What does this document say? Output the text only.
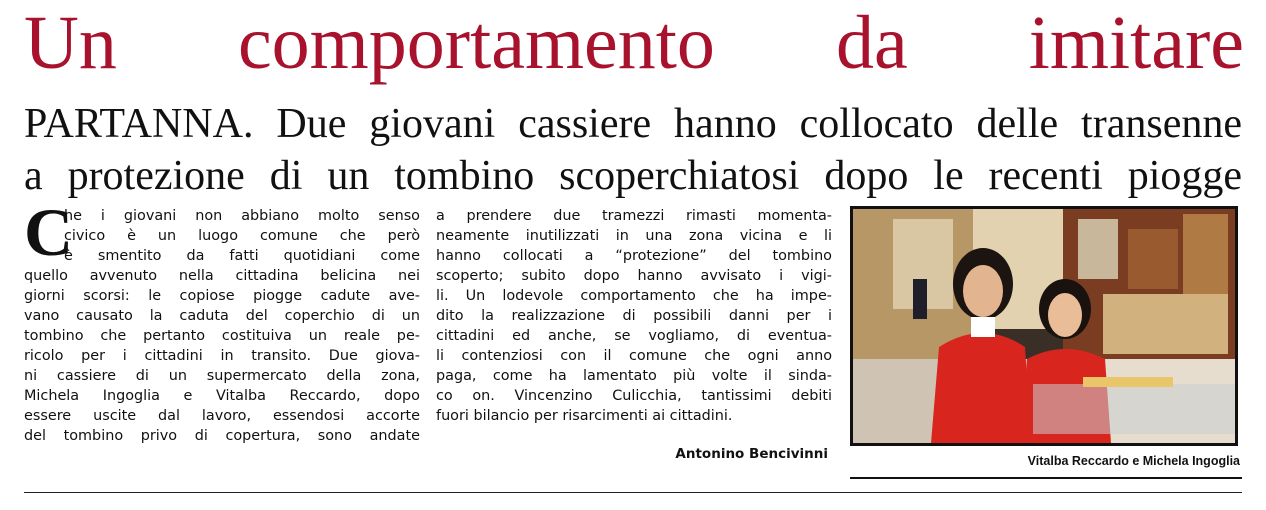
Un comportamento da imitare
PARTANNA. Due giovani cassiere hanno collocato delle transenne
a protezione di un tombino scoperchiatosi dopo le recenti piogge
C
he i giovani non abbiano molto senso
civico è un luogo comune che però
è smentito da fatti quotidiani come
quello avvenuto nella cittadina belicina nei
giorni scorsi: le copiose piogge cadute ave-
vano causato la caduta del coperchio di un
tombino che pertanto costituiva un reale pe-
ricolo per i cittadini in transito. Due giova-
ni cassiere di un supermercato della zona,
Michela Ingoglia e Vitalba Reccardo, dopo
essere uscite dal lavoro, essendosi accorte
del tombino privo di copertura, sono andate
a prendere due tramezzi rimasti momenta-
neamente inutilizzati in una zona vicina e li
hanno collocati a “protezione” del tombino
scoperto; subito dopo hanno avvisato i vigi-
li. Un lodevole comportamento che ha impe-
dito la realizzazione di possibili danni per i
cittadini ed anche, se vogliamo, di eventua-
li contenziosi con il comune che ogni anno
paga, come ha lamentato più volte il sinda-
co on. Vincenzino Culicchia, tantissimi debiti
fuori bilancio per risarcimenti ai cittadini.
Antonino Bencivinni	Vitalba Reccardo e Michela Ingoglia
